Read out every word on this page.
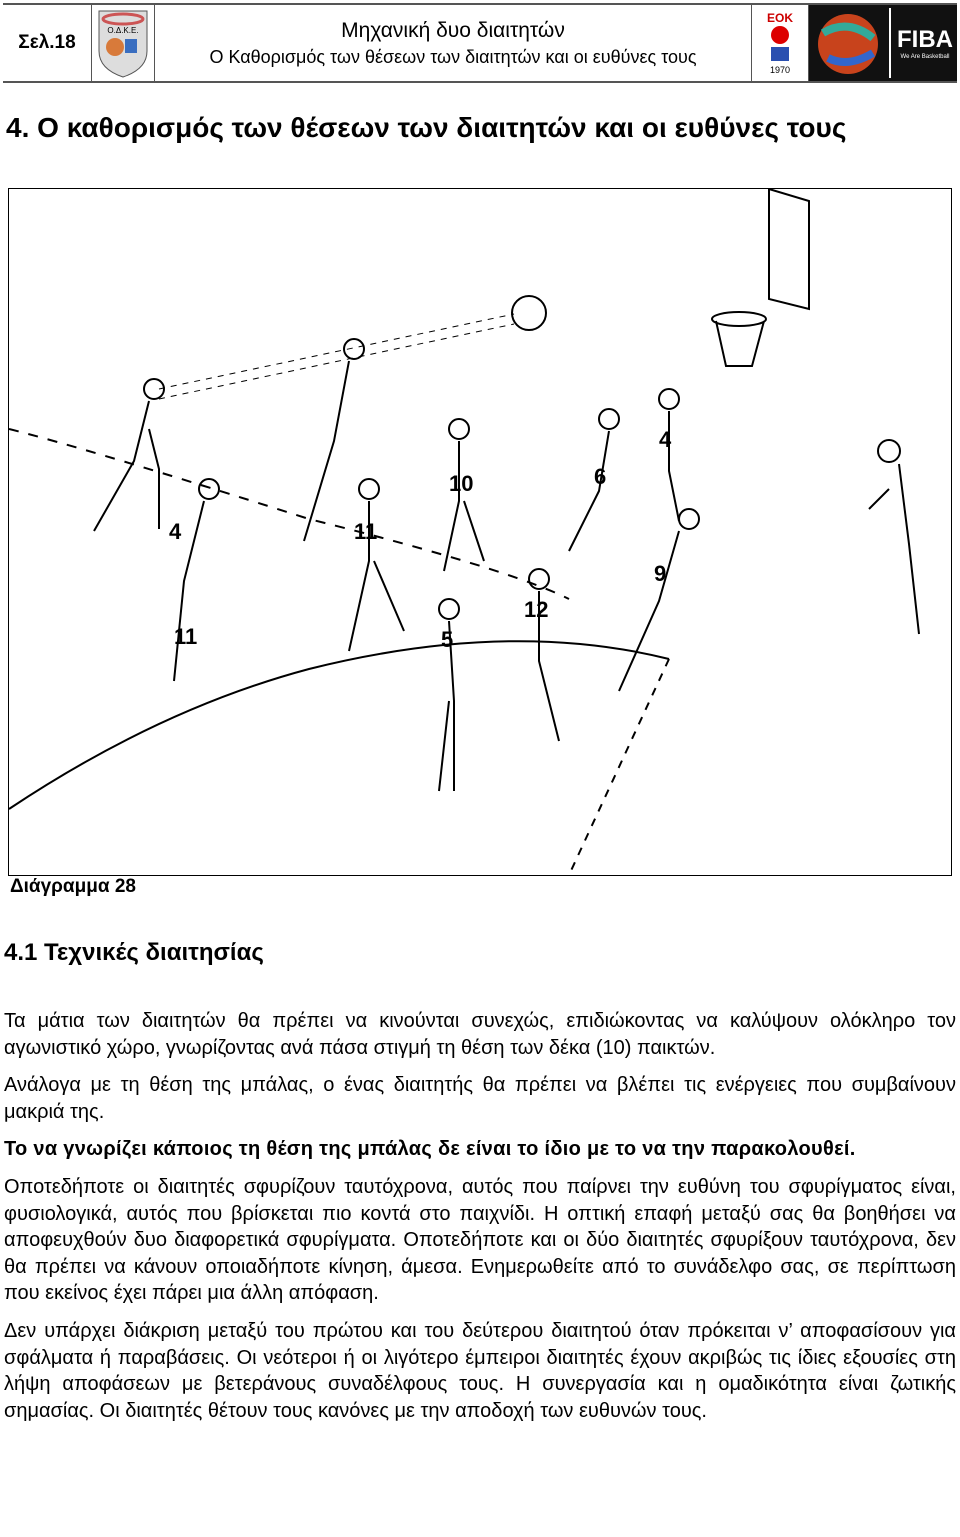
Σελ.18
Ο.Δ.Κ.Ε.	Μηχανική δυο διαιτητών
Ο Καθορισμός των θέσεων των διαιτητών και οι ευθύνες τους
ΕΟΚ
1970
FIBA
We Are Basketball
4. Ο καθορισμός των θέσεων των διαιτητών και οι ευθύνες τους
10
11
4
6
5
12
11
9
4
Διάγραμμα 28
4.1 Τεχνικές διαιτησίας

Τα μάτια των διαιτητών θα πρέπει να κινούνται συνεχώς, επιδιώκοντας να καλύψουν ολόκληρο τον αγωνιστικό χώρο, γνωρίζοντας ανά πάσα στιγμή τη θέση των δέκα (10) παικτών.

Ανάλογα με τη θέση της μπάλας, ο ένας διαιτητής θα πρέπει να βλέπει τις ενέργειες που συμβαίνουν μακριά της.

Το να γνωρίζει κάποιος τη θέση της μπάλας δε είναι το ίδιο με το να την παρακολουθεί.

Οποτεδήποτε οι διαιτητές σφυρίζουν ταυτόχρονα, αυτός που παίρνει την ευθύνη του σφυρίγματος είναι, φυσιολογικά, αυτός που βρίσκεται πιο κοντά στο παιχνίδι. Η οπτική επαφή μεταξύ σας θα βοηθήσει να αποφευχθούν δυο διαφορετικά σφυρίγματα. Οποτεδήποτε και οι δύο διαιτητές σφυρίξουν ταυτόχρονα, δεν θα πρέπει να κάνουν οποιαδήποτε κίνηση, άμεσα. Ενημερωθείτε από το συνάδελφο σας, σε περίπτωση που εκείνος έχει πάρει μια άλλη απόφαση.

Δεν υπάρχει διάκριση μεταξύ του πρώτου και του δεύτερου διαιτητού όταν πρόκειται ν’ αποφασίσουν για σφάλματα ή παραβάσεις. Οι νεότεροι ή οι λιγότερο έμπειροι διαιτητές έχουν ακριβώς τις ίδιες εξουσίες στη λήψη αποφάσεων με βετεράνους συναδέλφους τους. Η συνεργασία και η ομαδικότητα είναι ζωτικής σημασίας. Οι διαιτητές θέτουν τους κανόνες με την αποδοχή των ευθυνών τους.
